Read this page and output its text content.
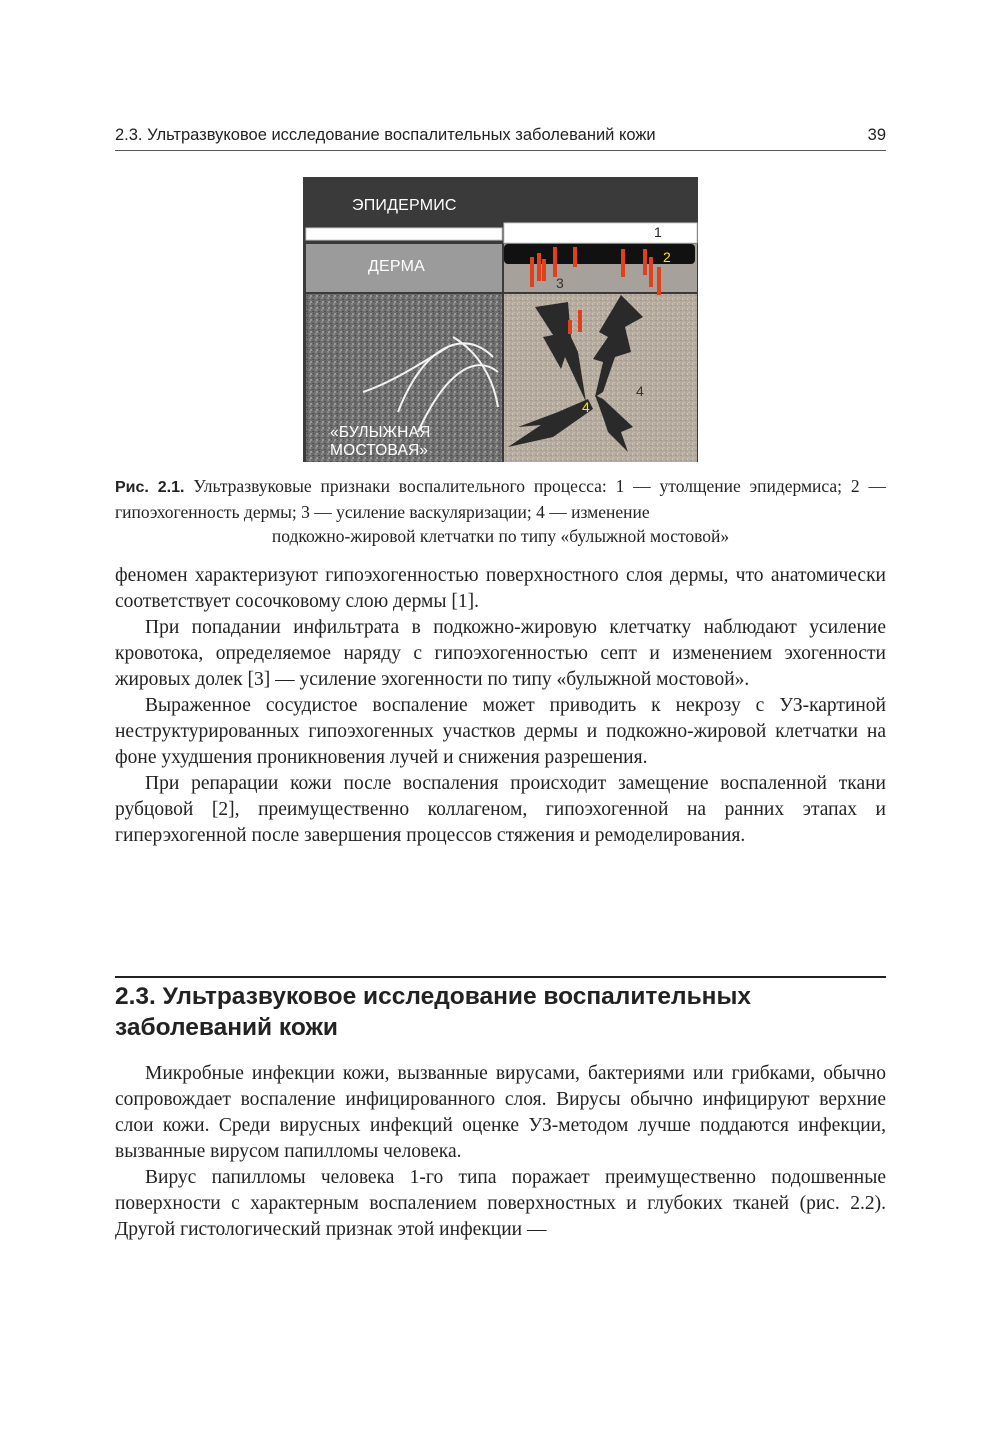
2.3. Ультразвуковое исследование воспалительных заболеваний кожи	39
ЭПИДЕРМИС
ДЕРМА
«БУЛЫЖНАЯ
МОСТОВАЯ»
1
2
3
4
4
Рис. 2.1. Ультразвуковые признаки воспалительного процесса: 1 — утолщение эпидермиса; 2 — гипоэхогенность дермы; 3 — усиление васкуляризации; 4 — изменение
подкожно-жировой клетчатки по типу «булыжной мостовой»

феномен характеризуют гипоэхогенностью поверхностного слоя дермы, что анатомически соответствует сосочковому слою дермы [1].

При попадании инфильтрата в подкожно-жировую клетчатку наблюдают усиление кровотока, определяемое наряду с гипоэхогенностью септ и изменением эхогенности жировых долек [3] — усиление эхогенности по типу «булыжной мостовой».

Выраженное сосудистое воспаление может приводить к некрозу с УЗ-картиной неструктурированных гипоэхогенных участков дермы и подкожно-жировой клетчатки на фоне ухудшения проникновения лучей и снижения разрешения.

При репарации кожи после воспаления происходит замещение воспаленной ткани рубцовой [2], преимущественно коллагеном, гипоэхогенной на ранних этапах и гиперэхогенной после завершения процессов стяжения и ремоделирования.

2.3. Ультразвуковое исследование воспалительных
заболеваний кожи

Микробные инфекции кожи, вызванные вирусами, бактериями или грибками, обычно сопровождает воспаление инфицированного слоя. Вирусы обычно инфицируют верхние слои кожи. Среди вирусных инфекций оценке УЗ-методом лучше поддаются инфекции, вызванные вирусом папилломы человека.

Вирус папилломы человека 1-го типа поражает преимущественно подошвенные поверхности с характерным воспалением поверхностных и глубоких тканей (рис. 2.2). Другой гистологический признак этой инфекции —
